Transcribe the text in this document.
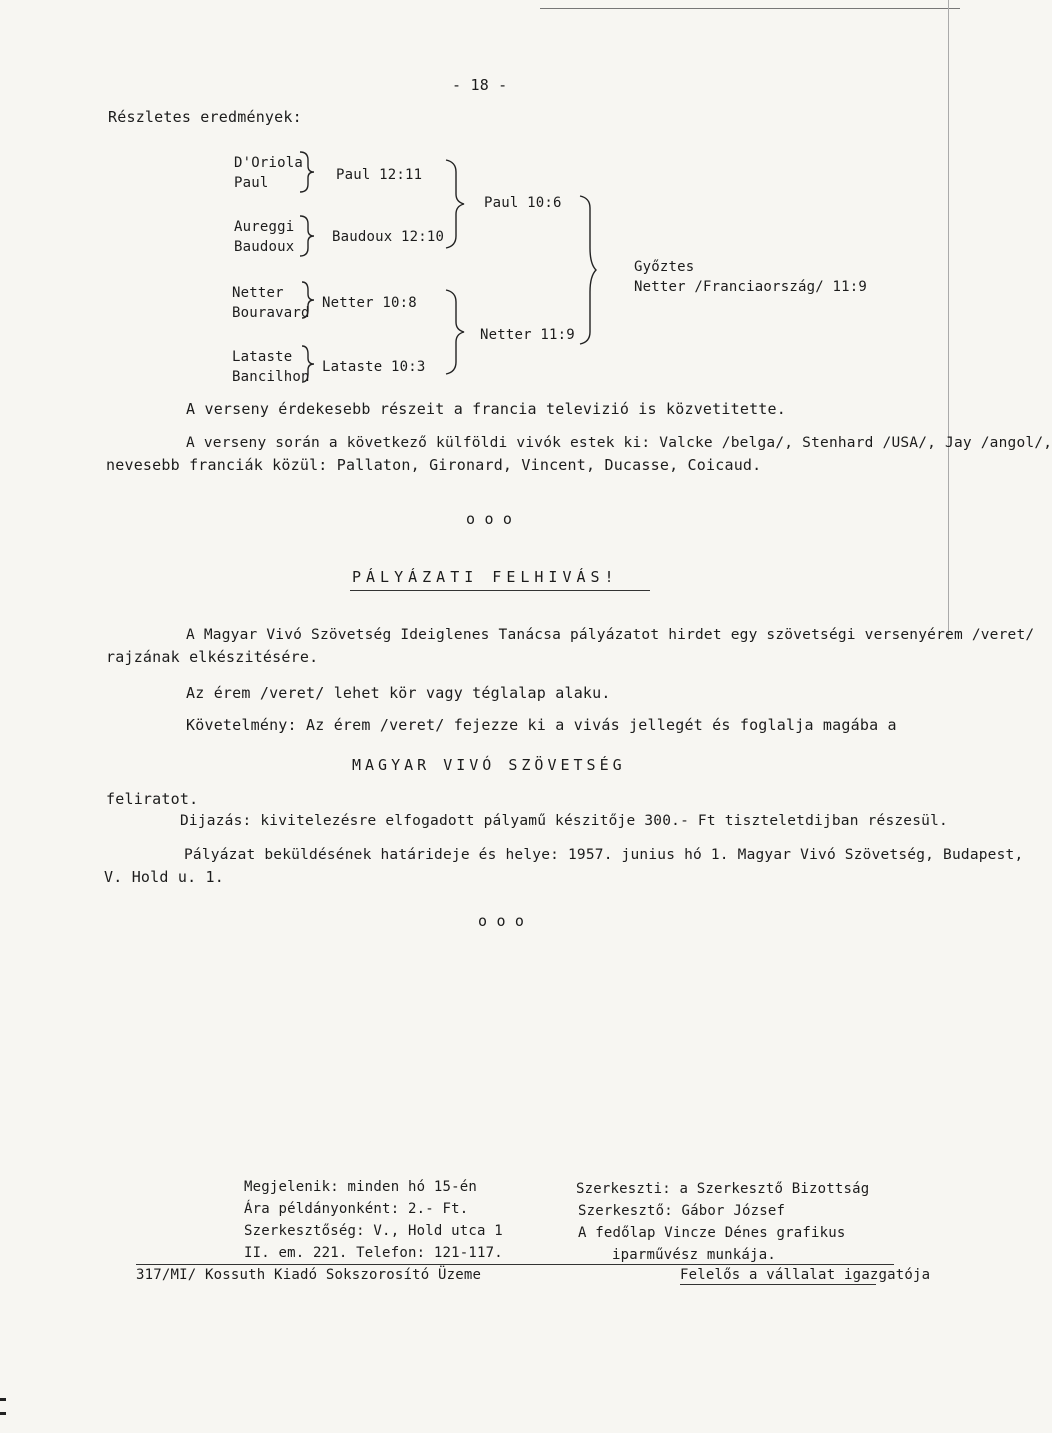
- 18 -
Részletes eredmények:
D'Oriola
Paul	Paul 12:11
Aureggi
Baudoux
Baudoux 12:10
Netter
Bouravard
Netter 10:8
Lataste
Bancilhon
Lataste 10:3
Paul 10:6
Netter 11:9
Győztes
Netter /Franciaország/ 11:9
A verseny érdekesebb részeit a francia televizió is közvetitette.
A verseny során a következő külföldi vivók estek ki: Valcke /belga/, Stenhard /USA/, Jay /angol/,
nevesebb franciák közül: Pallaton, Gironard, Vincent, Ducasse, Coicaud.
o o o
PÁLYÁZATI FELHIVÁS!
A Magyar Vivó Szövetség Ideiglenes Tanácsa pályázatot hirdet egy szövetségi versenyérem /veret/
rajzának elkészitésére.
Az érem /veret/ lehet kör vagy téglalap alaku.
Követelmény: Az érem /veret/ fejezze ki a vivás jellegét és foglalja magába a
MAGYAR VIVÓ SZÖVETSÉG
feliratot.
Dijazás: kivitelezésre elfogadott pályamű készitője 300.- Ft tiszteletdijban részesül.
Pályázat beküldésének határideje és helye: 1957. junius hó 1. Magyar Vivó Szövetség, Budapest,
V. Hold u. 1.
o o o
Megjelenik: minden hó 15-én
Ára példányonként: 2.- Ft.
Szerkesztőség: V., Hold utca 1
II. em. 221. Telefon: 121-117.
Szerkeszti: a Szerkesztő Bizottság
Szerkesztő: Gábor József
A fedőlap Vincze Dénes grafikus
iparművész munkája.
317/MI/ Kossuth Kiadó Sokszorosító Üzeme	Felelős a vállalat igazgatója
